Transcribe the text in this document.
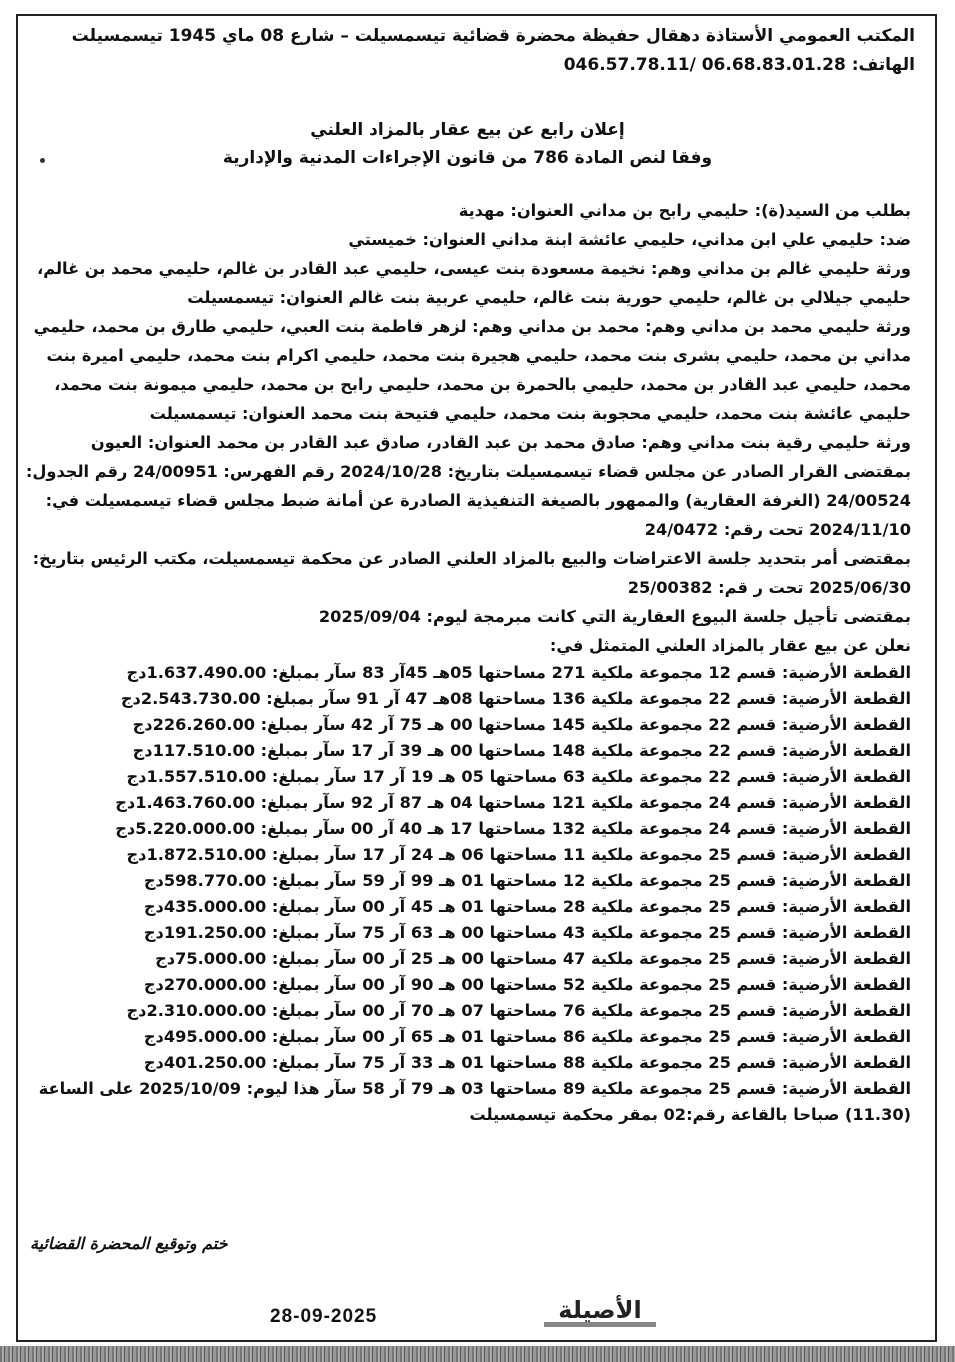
المكتب العمومي الأستاذة دهقال حفيظة محضرة قضائية تيسمسيلت – شارع 08 ماي 1945 تيسمسيلت
الهاتف: 06.68.83.01.28 /046.57.78.11
إعلان رابع عن بيع عقار بالمزاد العلني
وفقا لنص المادة 786 من قانون الإجراءات المدنية والإدارية

بطلب من السيد(ة): حليمي رابح بن مداني العنوان: مهدية

ضد: حليمي علي ابن مداني، حليمي عائشة ابنة مداني العنوان: خميستي

ورثة حليمي غالم بن مداني وهم: نخيمة مسعودة بنت عيسى، حليمي عبد القادر بن غالم، حليمي محمد بن غالم، حليمي جيلالي بن غالم، حليمي حورية بنت غالم، حليمي عربية بنت غالم العنوان: تيسمسيلت

ورثة حليمي محمد بن مداني وهم: محمد بن مداني وهم: لزهر فاطمة بنت العبي، حليمي طارق بن محمد، حليمي مداني بن محمد، حليمي بشرى بنت محمد، حليمي هجيرة بنت محمد، حليمي اكرام بنت محمد، حليمي اميرة بنت محمد، حليمي عبد القادر بن محمد، حليمي بالحمرة بن محمد، حليمي رابح بن محمد، حليمي ميمونة بنت محمد، حليمي عائشة بنت محمد، حليمي محجوبة بنت محمد، حليمي فتيحة بنت محمد العنوان: تيسمسيلت

ورثة حليمي رقية بنت مداني وهم: صادق محمد بن عبد القادر، صادق عبد القادر بن محمد العنوان: العيون

بمقتضى القرار الصادر عن مجلس قضاء تيسمسيلت بتاريخ: 2024/10/28 رقم الفهرس: 24/00951 رقم الجدول: 24/00524 (الغرفة العقارية) والممهور بالصيغة التنفيذية الصادرة عن أمانة ضبط مجلس قضاء تيسمسيلت في: 2024/11/10 تحت رقم: 24/0472

بمقتضى أمر بتحديد جلسة الاعتراضات والبيع بالمزاد العلني الصادر عن محكمة تيسمسيلت، مكتب الرئيس بتاريخ: 2025/06/30 تحت ر قم: 25/00382

بمقتضى تأجيل جلسة البيوع العقارية التي كانت مبرمجة ليوم: 2025/09/04

نعلن عن بيع عقار بالمزاد العلني المتمثل في:

القطعة الأرضية: قسم 12 مجموعة ملكية 271 مساحتها 05هـ 45آر 83 سآر بمبلغ: 1.637.490.00دج

القطعة الأرضية: قسم 22 مجموعة ملكية 136 مساحتها 08هـ 47 آر 91 سآر بمبلغ: 2.543.730.00دج

القطعة الأرضية: قسم 22 مجموعة ملكية 145 مساحتها 00 هـ 75 آر 42 سآر بمبلغ: 226.260.00دج

القطعة الأرضية: قسم 22 مجموعة ملكية 148 مساحتها 00 هـ 39 آر 17 سآر بمبلغ: 117.510.00دج

القطعة الأرضية: قسم 22 مجموعة ملكية 63 مساحتها 05 هـ 19 آر 17 سآر بمبلغ: 1.557.510.00دج

القطعة الأرضية: قسم 24 مجموعة ملكية 121 مساحتها 04 هـ 87 آر 92 سآر بمبلغ: 1.463.760.00دج

القطعة الأرضية: قسم 24 مجموعة ملكية 132 مساحتها 17 هـ 40 آر 00 سآر بمبلغ: 5.220.000.00دج

القطعة الأرضية: قسم 25 مجموعة ملكية 11 مساحتها 06 هـ 24 آر 17 سآر بمبلغ: 1.872.510.00دج

القطعة الأرضية: قسم 25 مجموعة ملكية 12 مساحتها 01 هـ 99 آر 59 سآر بمبلغ: 598.770.00دج

القطعة الأرضية: قسم 25 مجموعة ملكية 28 مساحتها 01 هـ 45 آر 00 سآر بمبلغ: 435.000.00دج

القطعة الأرضية: قسم 25 مجموعة ملكية 43 مساحتها 00 هـ 63 آر 75 سآر بمبلغ: 191.250.00دج

القطعة الأرضية: قسم 25 مجموعة ملكية 47 مساحتها 00 هـ 25 آر 00 سآر بمبلغ: 75.000.00دج

القطعة الأرضية: قسم 25 مجموعة ملكية 52 مساحتها 00 هـ 90 آر 00 سآر بمبلغ: 270.000.00دج

القطعة الأرضية: قسم 25 مجموعة ملكية 76 مساحتها 07 هـ 70 آر 00 سآر بمبلغ: 2.310.000.00دج

القطعة الأرضية: قسم 25 مجموعة ملكية 86 مساحتها 01 هـ 65 آر 00 سآر بمبلغ: 495.000.00دج

القطعة الأرضية: قسم 25 مجموعة ملكية 88 مساحتها 01 هـ 33 آر 75 سآر بمبلغ: 401.250.00دج

القطعة الأرضية: قسم 25 مجموعة ملكية 89 مساحتها 03 هـ 79 آر 58 سآر هذا ليوم: 2025/10/09 على الساعة (11.30) صباحا بالقاعة رقم:02 بمقر محكمة تيسمسيلت

ختم وتوقيع المحضرة القضائية
الأصيلة
28-09-2025
